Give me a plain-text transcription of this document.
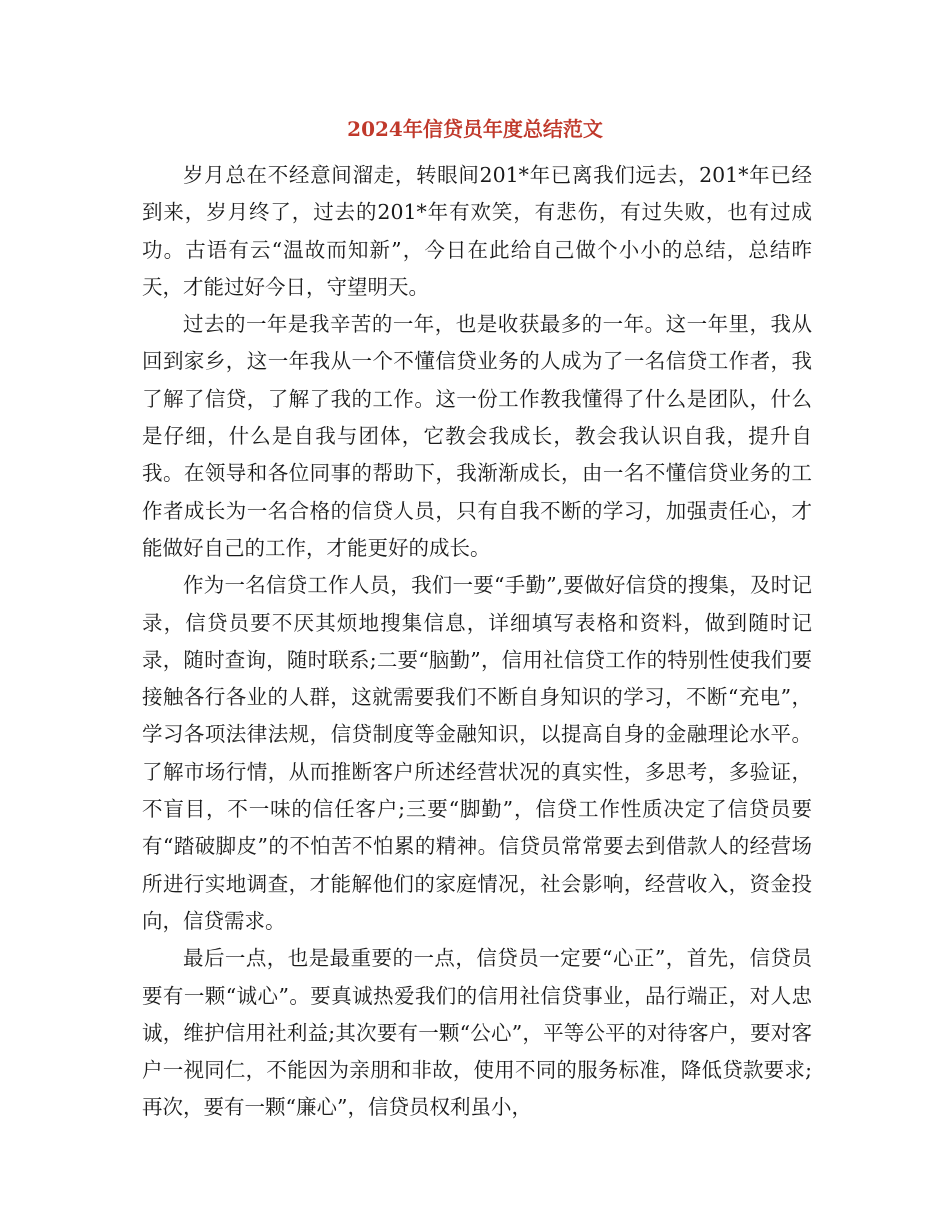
2024年信贷员年度总结范文

岁月总在不经意间溜走，转眼间201*年已离我们远去，201*年已经到来，岁月终了，过去的201*年有欢笑，有悲伤，有过失败，也有过成功。古语有云“温故而知新”，今日在此给自己做个小小的总结，总结昨天，才能过好今日，守望明天。

过去的一年是我辛苦的一年，也是收获最多的一年。这一年里，我从回到家乡，这一年我从一个不懂信贷业务的人成为了一名信贷工作者，我了解了信贷，了解了我的工作。这一份工作教我懂得了什么是团队，什么是仔细，什么是自我与团体，它教会我成长，教会我认识自我，提升自我。在领导和各位同事的帮助下，我渐渐成长，由一名不懂信贷业务的工作者成长为一名合格的信贷人员，只有自我不断的学习，加强责任心，才能做好自己的工作，才能更好的成长。

作为一名信贷工作人员，我们一要“手勤”,要做好信贷的搜集，及时记录，信贷员要不厌其烦地搜集信息，详细填写表格和资料，做到随时记录，随时查询，随时联系;二要“脑勤”，信用社信贷工作的特别性使我们要接触各行各业的人群，这就需要我们不断自身知识的学习，不断“充电”，学习各项法律法规，信贷制度等金融知识，以提高自身的金融理论水平。了解市场行情，从而推断客户所述经营状况的真实性，多思考，多验证，不盲目，不一味的信任客户;三要“脚勤”，信贷工作性质决定了信贷员要有“踏破脚皮”的不怕苦不怕累的精神。信贷员常常要去到借款人的经营场所进行实地调查，才能解他们的家庭情况，社会影响，经营收入，资金投向，信贷需求。

最后一点，也是最重要的一点，信贷员一定要“心正”，首先，信贷员要有一颗“诚心”。要真诚热爱我们的信用社信贷事业，品行端正，对人忠诚，维护信用社利益;其次要有一颗“公心”，平等公平的对待客户，要对客户一视同仁，不能因为亲朋和非故，使用不同的服务标准，降低贷款要求;再次，要有一颗“廉心”，信贷员权利虽小，
